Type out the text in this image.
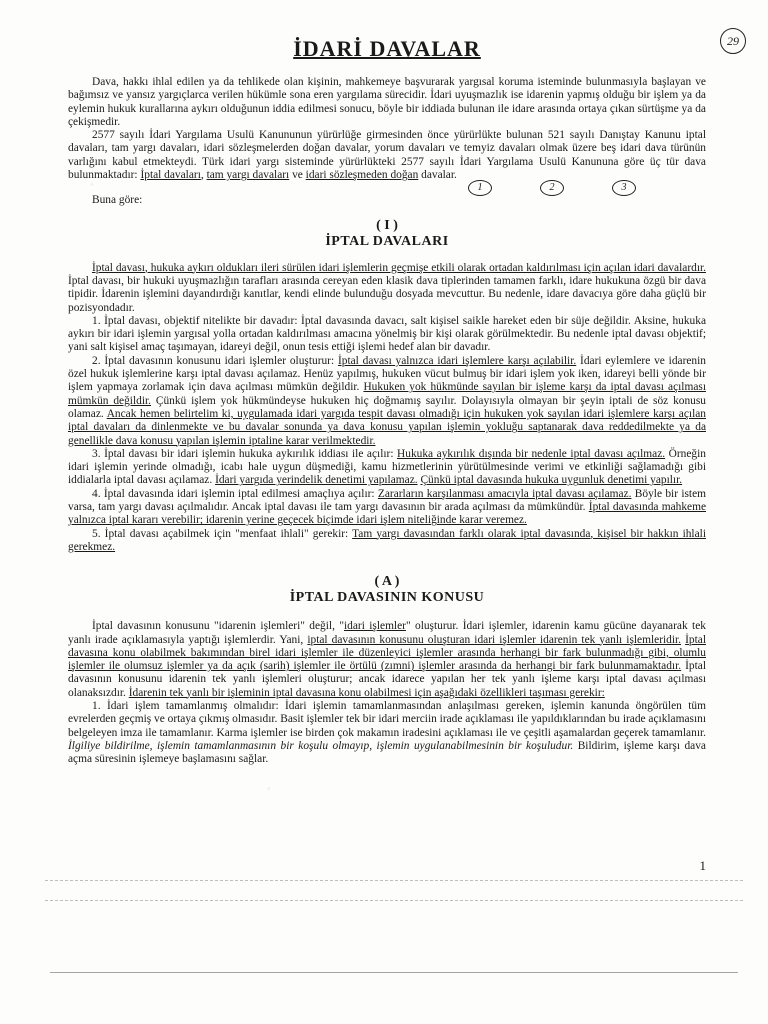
29
İDARİ DAVALAR

Dava, hakkı ihlal edilen ya da tehlikede olan kişinin, mahkemeye başvurarak yargısal koruma isteminde bulunmasıyla başlayan ve bağımsız ve yansız yargıçlarca verilen hükümle sona eren yargılama sürecidir. İdari uyuşmazlık ise idarenin yapmış olduğu bir işlem ya da eylemin hukuk kurallarına aykırı olduğunun iddia edilmesi sonucu, böyle bir iddiada bulunan ile idare arasında ortaya çıkan sürtüşme ya da çekişmedir.

2577 sayılı İdari Yargılama Usulü Kanununun yürürlüğe girmesinden önce yürürlükte bulunan 521 sayılı Danıştay Kanunu iptal davaları, tam yargı davaları, idari sözleşmelerden doğan davalar, yorum davaları ve temyiz davaları olmak üzere beş idari dava türünün varlığını kabul etmekteydi. Türk idari yargı sisteminde yürürlükteki 2577 sayılı İdari Yargılama Usulü Kanununa göre üç tür dava bulunmaktadır: İptal davaları, tam yargı davaları ve idari sözleşmeden doğan davalar.

1	2	3

Buna göre:

( I )
İPTAL DAVALARI

İptal davası, hukuka aykırı oldukları ileri sürülen idari işlemlerin geçmişe etkili olarak ortadan kaldırılması için açılan idari davalardır. İptal davası, bir hukuki uyuşmazlığın tarafları arasında cereyan eden klasik dava tiplerinden tamamen farklı, idare hukukuna özgü bir dava tipidir. İdarenin işlemini dayandırdığı kanıtlar, kendi elinde bulunduğu dosyada mevcuttur. Bu nedenle, idare davacıya göre daha güçlü bir pozisyondadır.

1. İptal davası, objektif nitelikte bir davadır: İptal davasında davacı, salt kişisel saikle hareket eden bir süje değildir. Aksine, hukuka aykırı bir idari işlemin yargısal yolla ortadan kaldırılması amacına yönelmiş bir kişi olarak görülmektedir. Bu nedenle iptal davası objektif; yani salt kişisel amaç taşımayan, idareyi değil, onun tesis ettiği işlemi hedef alan bir davadır.

2. İptal davasının konusunu idari işlemler oluşturur: İptal davası yalnızca idari işlemlere karşı açılabilir. İdari eylemlere ve idarenin özel hukuk işlemlerine karşı iptal davası açılamaz. Henüz yapılmış, hukuken vücut bulmuş bir idari işlem yok iken, idareyi belli yönde bir işlem yapmaya zorlamak için dava açılması mümkün değildir. Hukuken yok hükmünde sayılan bir işleme karşı da iptal davası açılması mümkün değildir. Çünkü işlem yok hükmündeyse hukuken hiç doğmamış sayılır. Dolayısıyla olmayan bir şeyin iptali de söz konusu olamaz. Ancak hemen belirtelim ki, uygulamada idari yargıda tespit davası olmadığı için hukuken yok sayılan idari işlemlere karşı açılan iptal davaları da dinlenmekte ve bu davalar sonunda ya dava konusu yapılan işlemin yokluğu saptanarak dava reddedilmekte ya da genellikle dava konusu yapılan işlemin iptaline karar verilmektedir.

3. İptal davası bir idari işlemin hukuka aykırılık iddiası ile açılır: Hukuka aykırılık dışında bir nedenle iptal davası açılmaz. Örneğin idari işlemin yerinde olmadığı, icabı hale uygun düşmediği, kamu hizmetlerinin yürütülmesinde verimi ve etkinliği sağlamadığı gibi iddialarla iptal davası açılamaz. İdari yargıda yerindelik denetimi yapılamaz. Çünkü iptal davasında hukuka uygunluk denetimi yapılır.

4. İptal davasında idari işlemin iptal edilmesi amaçlıya açılır: Zararların karşılanması amacıyla iptal davası açılamaz. Böyle bir istem varsa, tam yargı davası açılmalıdır. Ancak iptal davası ile tam yargı davasının bir arada açılması da mümkündür. İptal davasında mahkeme yalnızca iptal kararı verebilir; idarenin yerine geçecek biçimde idari işlem niteliğinde karar veremez.

5. İptal davası açabilmek için "menfaat ihlali" gerekir: Tam yargı davasından farklı olarak iptal davasında, kişisel bir hakkın ihlali gerekmez.

( A )
İPTAL DAVASININ KONUSU

İptal davasının konusunu "idarenin işlemleri" değil, "idari işlemler" oluşturur. İdari işlemler, idarenin kamu gücüne dayanarak tek yanlı irade açıklamasıyla yaptığı işlemlerdir. Yani, iptal davasının konusunu oluşturan idari işlemler idarenin tek yanlı işlemleridir. İptal davasına konu olabilmek bakımından birel idari işlemler ile düzenleyici işlemler arasında herhangi bir fark bulunmadığı gibi, olumlu işlemler ile olumsuz işlemler ya da açık (sarih) işlemler ile örtülü (zımni) işlemler arasında da herhangi bir fark bulunmamaktadır. İptal davasının konusunu idarenin tek yanlı işlemleri oluşturur; ancak idarece yapılan her tek yanlı işleme karşı iptal davası açılması olanaksızdır. İdarenin tek yanlı bir işleminin iptal davasına konu olabilmesi için aşağıdaki özellikleri taşıması gerekir:

1. İdari işlem tamamlanmış olmalıdır: İdari işlemin tamamlanmasından anlaşılması gereken, işlemin kanunda öngörülen tüm evrelerden geçmiş ve ortaya çıkmış olmasıdır. Basit işlemler tek bir idari merciin irade açıklaması ile yapıldıklarından bu irade açıklamasını belgeleyen imza ile tamamlanır. Karma işlemler ise birden çok makamın iradesini açıklaması ile ve çeşitli aşamalardan geçerek tamamlanır. İlgiliye bildirilme, işlemin tamamlanmasının bir koşulu olmayıp, işlemin uygulanabilmesinin bir koşuludur. Bildirim, işleme karşı dava açma süresinin işlemeye başlamasını sağlar.

1
